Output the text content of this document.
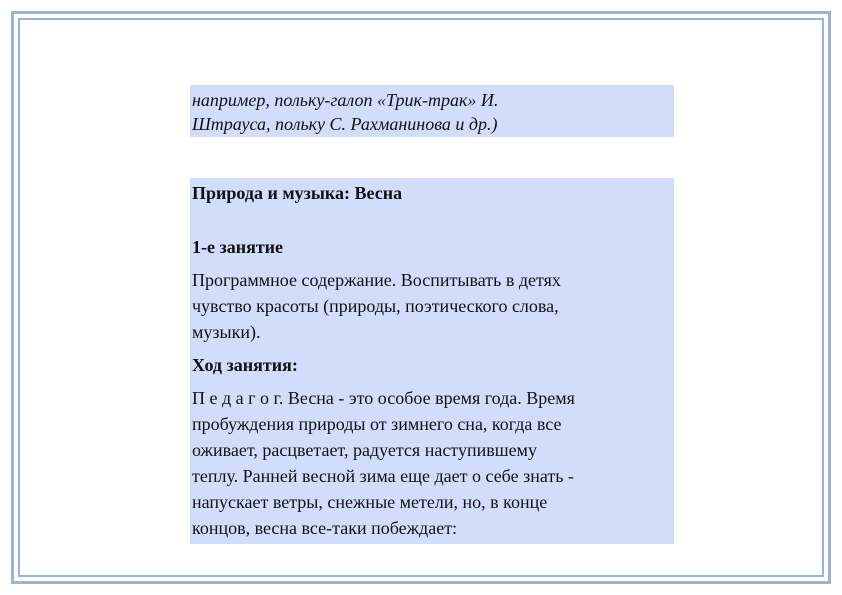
например, польку-галоп «Трик-трак» И.
Штрауса, польку С. Рахманинова и др.)
Природа и музыка: Весна
1-е занятие
Программное содержание. Воспитывать в детях
чувство красоты (природы, поэтического слова,
музыки).
Ход занятия:
П е д а г о г. Весна - это особое время года. Время
пробуждения природы от зимнего сна, когда все
оживает, расцветает, радуется наступившему
теплу. Ранней весной зима еще дает о себе знать -
напускает ветры, снежные метели, но, в конце
концов, весна все-таки побеждает:
